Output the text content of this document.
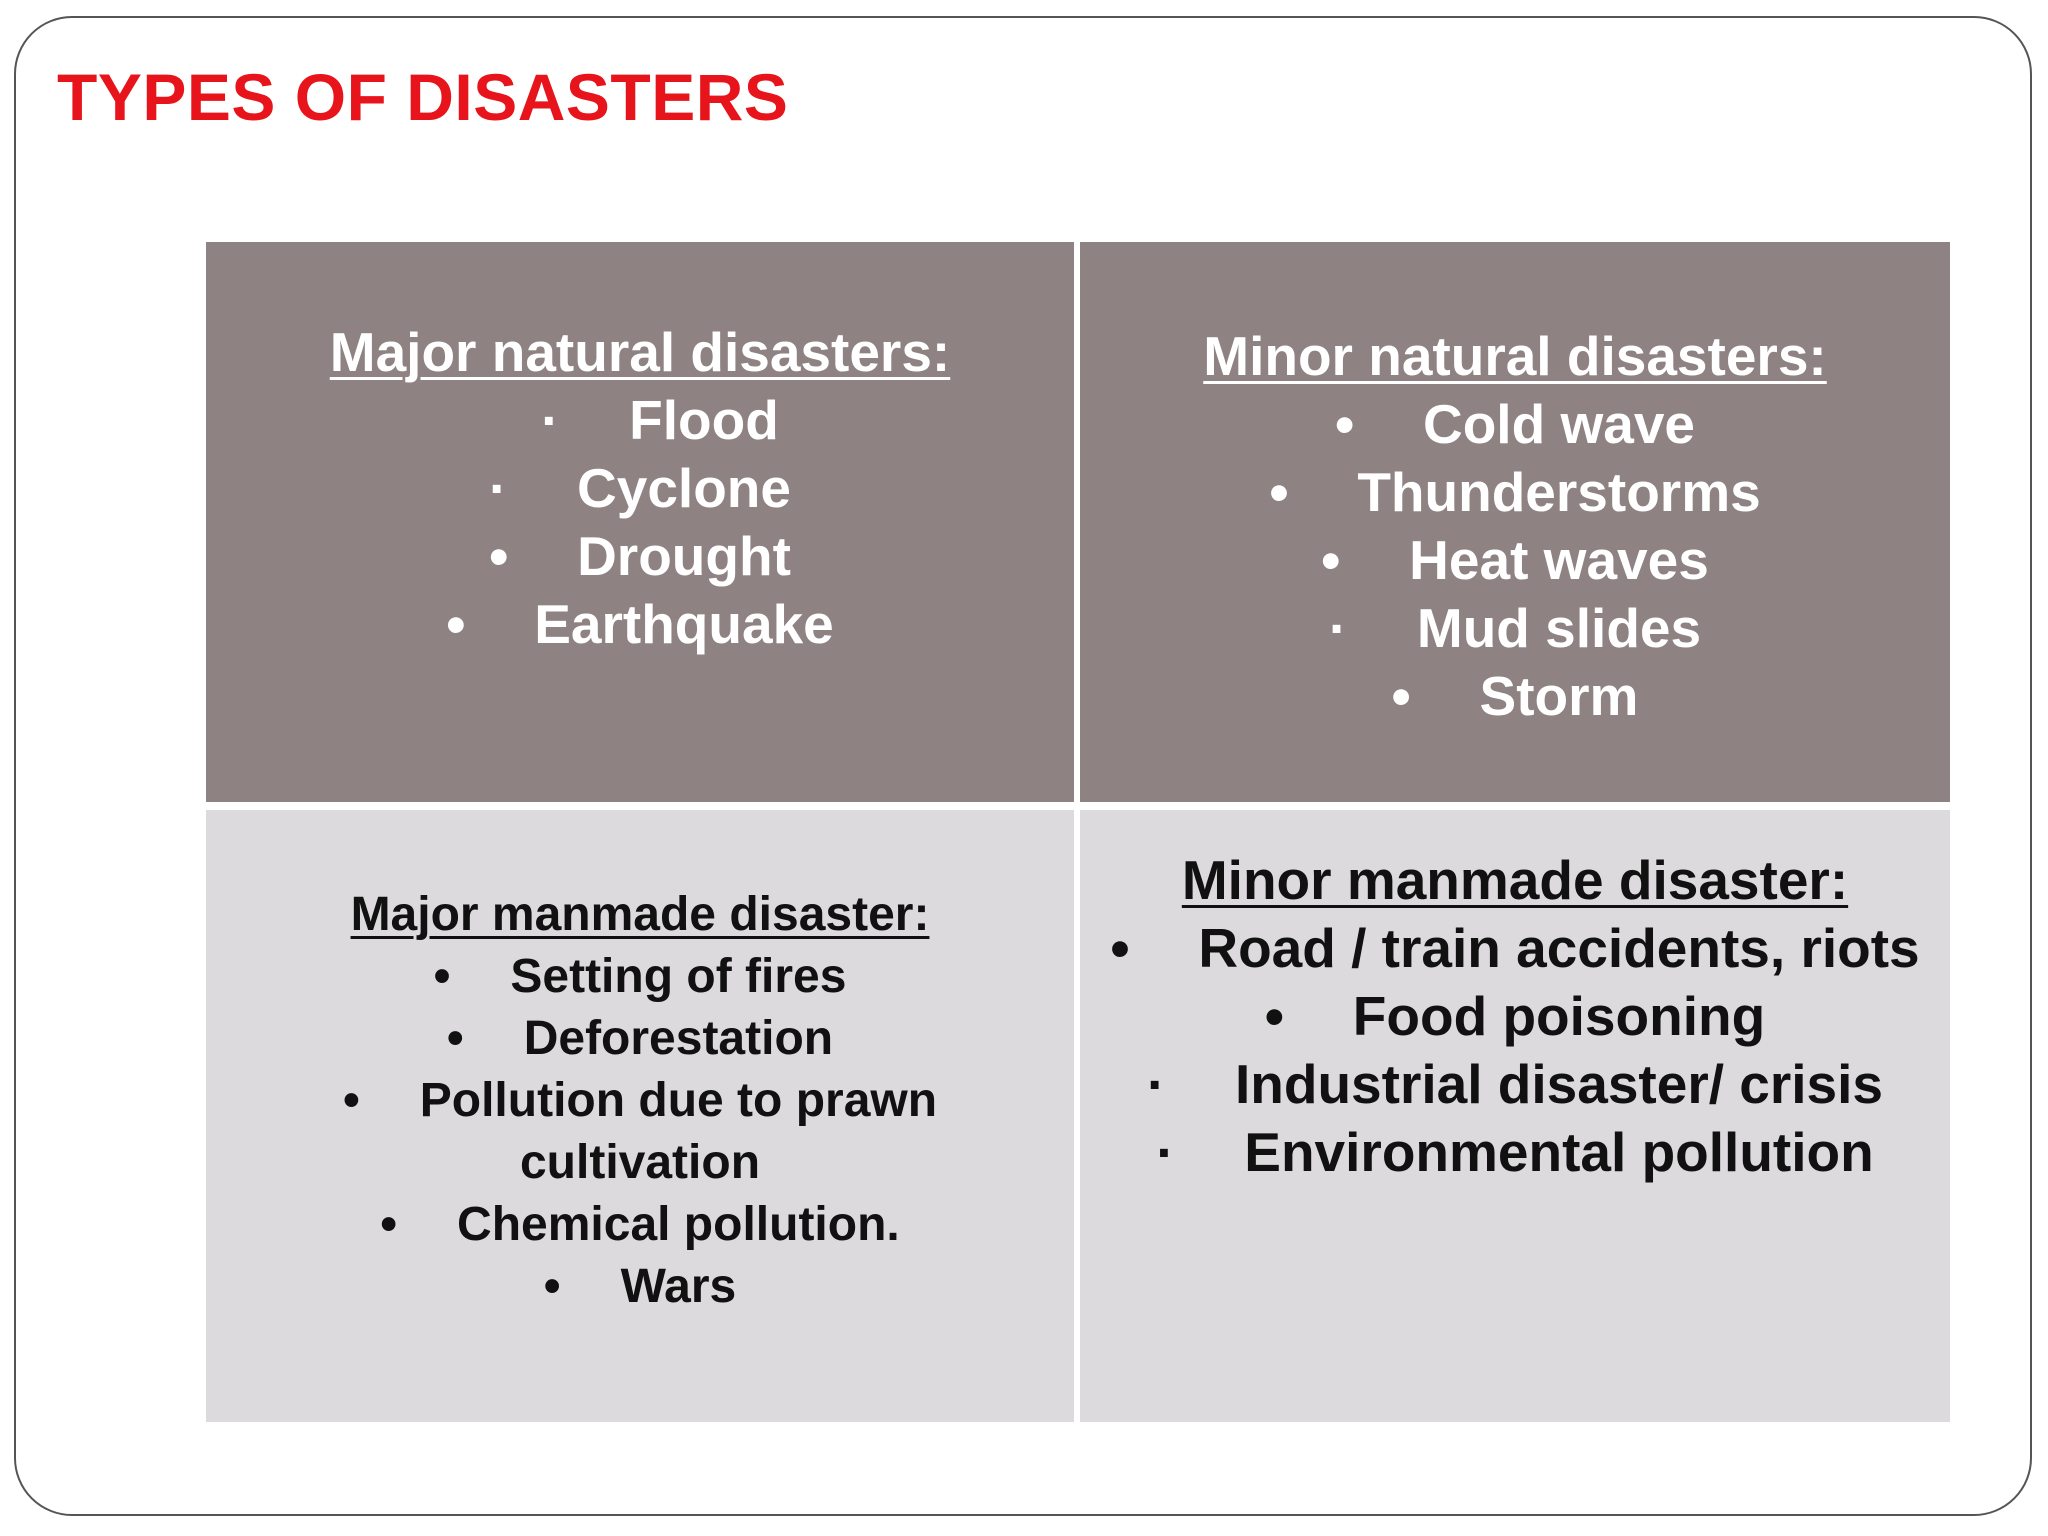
TYPES OF DISASTERS
Major natural disasters:
· Flood
· Cyclone
• Drought
• Earthquake
Minor natural disasters:
• Cold wave
• Thunderstorms
• Heat waves
· Mud slides
• Storm
Major manmade disaster:
• Setting of fires
• Deforestation
• Pollution due to prawn
cultivation
• Chemical pollution.
• Wars
Minor manmade disaster:
• Road / train accidents, riots
• Food poisoning
· Industrial disaster/ crisis
· Environmental pollution
